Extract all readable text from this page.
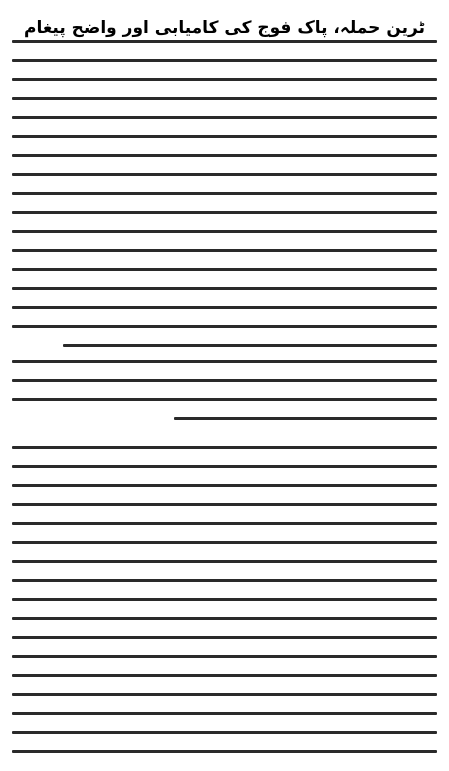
ٹرین حملہ، پاک فوج کی کامیابی اور واضح پیغام
